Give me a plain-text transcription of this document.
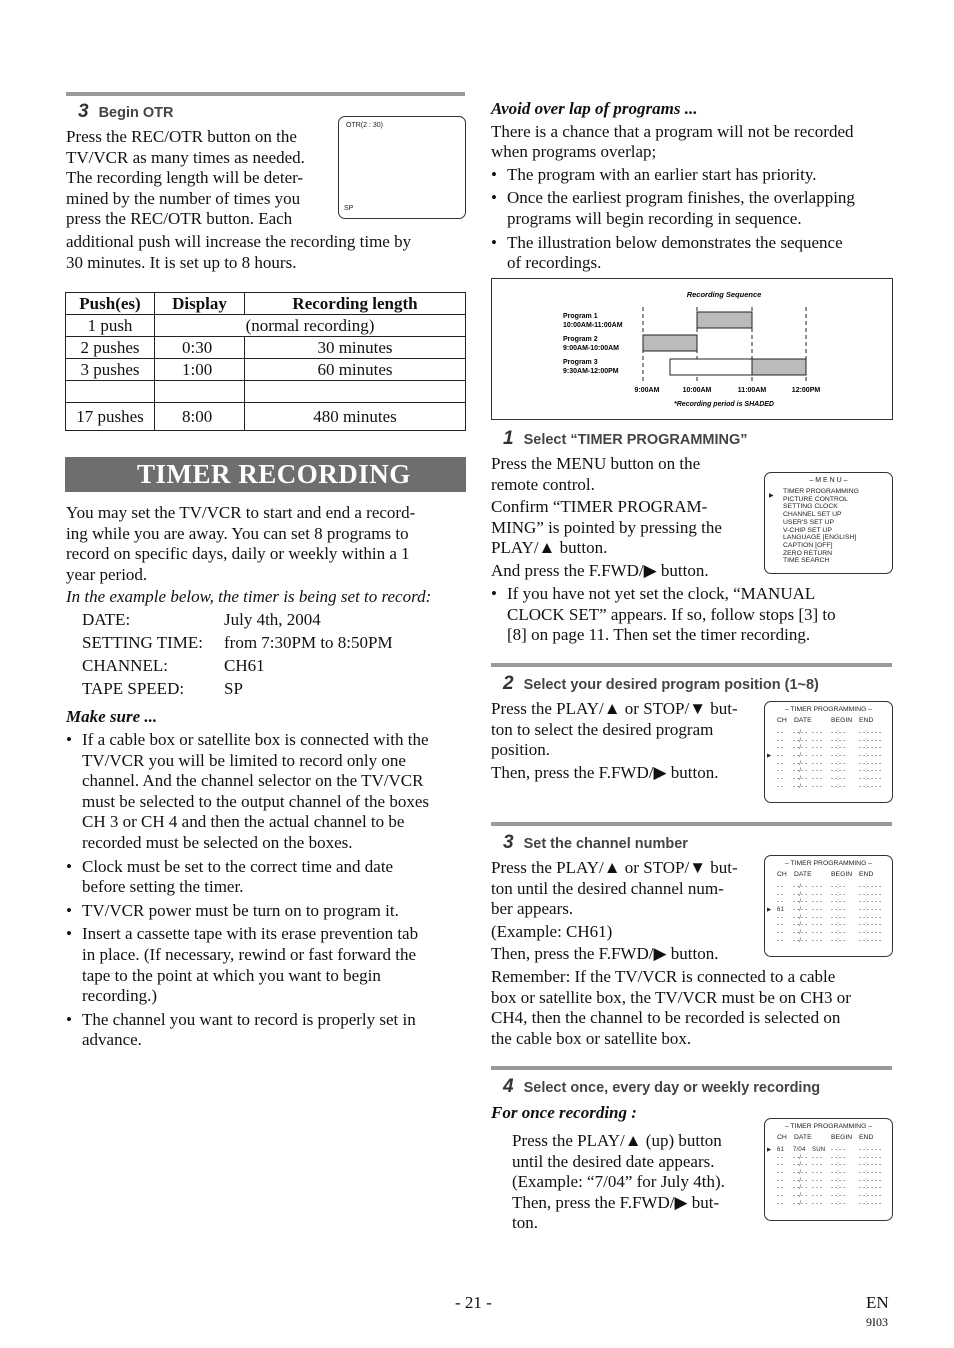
3 Begin OTR
Press the REC/OTR button on the
TV/VCR as many times as needed.
The recording length will be deter-
mined by the number of times you
press the REC/OTR button. Each
additional push will increase the recording time by
30 minutes. It is set up to 8 hours.
OTR(2 : 30)
SP
Push(es)	Display	Recording length
1 push	(normal recording)	
2 pushes	0:30	30 minutes
3 pushes	1:00	60 minutes

17 pushes	8:00	480 minutes
TIMER RECORDING
You may set the TV/VCR to start and end a record-
ing while you are away. You can set 8 programs to
record on specific days, daily or weekly within a 1
year period.
In the example below, the timer is being set to record:
DATE:	July 4th, 2004
SETTING TIME: from 7:30PM to 8:50PM
CHANNEL:	CH61
TAPE SPEED: SP
Make sure ...
• If a cable box or satellite box is connected with the
TV/VCR you will be limited to record only one
channel. And the channel selector on the TV/VCR
must be selected to the output channel of the boxes
CH 3 or CH 4 and then the actual channel to be
recorded must be selected on the boxes.
• Clock must be set to the correct time and date
before setting the timer.
• TV/VCR power must be turn on to program it.
• Insert a cassette tape with its erase prevention tab
in place. (If necessary, rewind or fast forward the
tape to the point at which you want to begin
recording.)
• The channel you want to record is properly set in
advance.
Avoid over lap of programs ...
There is a chance that a program will not be recorded
when programs overlap;
• The program with an earlier start has priority.
• Once the earliest program finishes, the overlapping
programs will begin recording in sequence.
• The illustration below demonstrates the sequence
of recordings.
Recording Sequence
Program 1
10:00AM-11:00AM
Program 2
9:00AM-10:00AM
Program 3
9:30AM-12:00PM
9:00AM	10:00AM	11:00AM	12:00PM
*Recording period is SHADED
1 Select “TIMER PROGRAMMING”
Press the MENU button on the
remote control.
Confirm “TIMER PROGRAM-
MING” is pointed by pressing the
PLAY/▲ button.
And press the F.FWD/▶ button.
• If you have not yet set the clock, “MANUAL
CLOCK SET” appears. If so, follow stops [3] to
[8] on page 11. Then set the timer recording.
– M E N U –
▶
TIMER PROGRAMMING
PICTURE CONTROL
SETTING CLOCK
CHANNEL SET UP
USER'S SET UP
V-CHIP SET UP
LANGUAGE [ENGLISH]
CAPTION [OFF]
ZERO RETURN
TIME SEARCH
2 Select your desired program position (1~8)
Press the PLAY/▲ or STOP/▼ but-
ton to select the desired program
position.
Then, press the F.FWD/▶ button.
– TIMER PROGRAMMING –
CH DATE	BEGIN END
- - - -/- - - - - - -:- - - -:- - - -
- - - -/- - - - - - -:- - - -:- - - -
- - - -/- - - - - - -:- - - -:- - - -
- - - -/- - - - - - -:- - - -:- - - -
▶
- - - -/- - - - - - -:- - - -:- - - -
- - - -/- - - - - - -:- - - -:- - - -
- - - -/- - - - - - -:- - - -:- - - -
- - - -/- - - - - - -:- - - -:- - - -
3 Set the channel number
Press the PLAY/▲ or STOP/▼ but-
ton until the desired channel num-
ber appears.
(Example: CH61)
Then, press the F.FWD/▶ button.
Remember: If the TV/VCR is connected to a cable
box or satellite box, the TV/VCR must be on CH3 or
CH4, then the channel to be recorded is selected on
the cable box or satellite box.
– TIMER PROGRAMMING –
CH DATE	BEGIN END
- - - -/- - - - - - -:- - - -:- - - -
- - - -/- - - - - - -:- - - -:- - - -
- - - -/- - - - - - -:- - - -:- - - -
61 - -/- - - - - - -:- - - -:- - - -
▶
- - - -/- - - - - - -:- - - -:- - - -
- - - -/- - - - - - -:- - - -:- - - -
- - - -/- - - - - - -:- - - -:- - - -
- - - -/- - - - - - -:- - - -:- - - -
4 Select once, every day or weekly recording
For once recording :
Press the PLAY/▲ (up) button
until the desired date appears.
(Example: “7/04” for July 4th).
Then, press the F.FWD/▶ but-
ton.
– TIMER PROGRAMMING –
CH DATE	BEGIN END
61 7/04 SUN - -:- - - -:- - - -
▶
- - - -/- - - - - - -:- - - -:- - - -
- - - -/- - - - - - -:- - - -:- - - -
- - - -/- - - - - - -:- - - -:- - - -
- - - -/- - - - - - -:- - - -:- - - -
- - - -/- - - - - - -:- - - -:- - - -
- - - -/- - - - - - -:- - - -:- - - -
- - - -/- - - - - - -:- - - -:- - - -
- 21 -	EN
9I03
